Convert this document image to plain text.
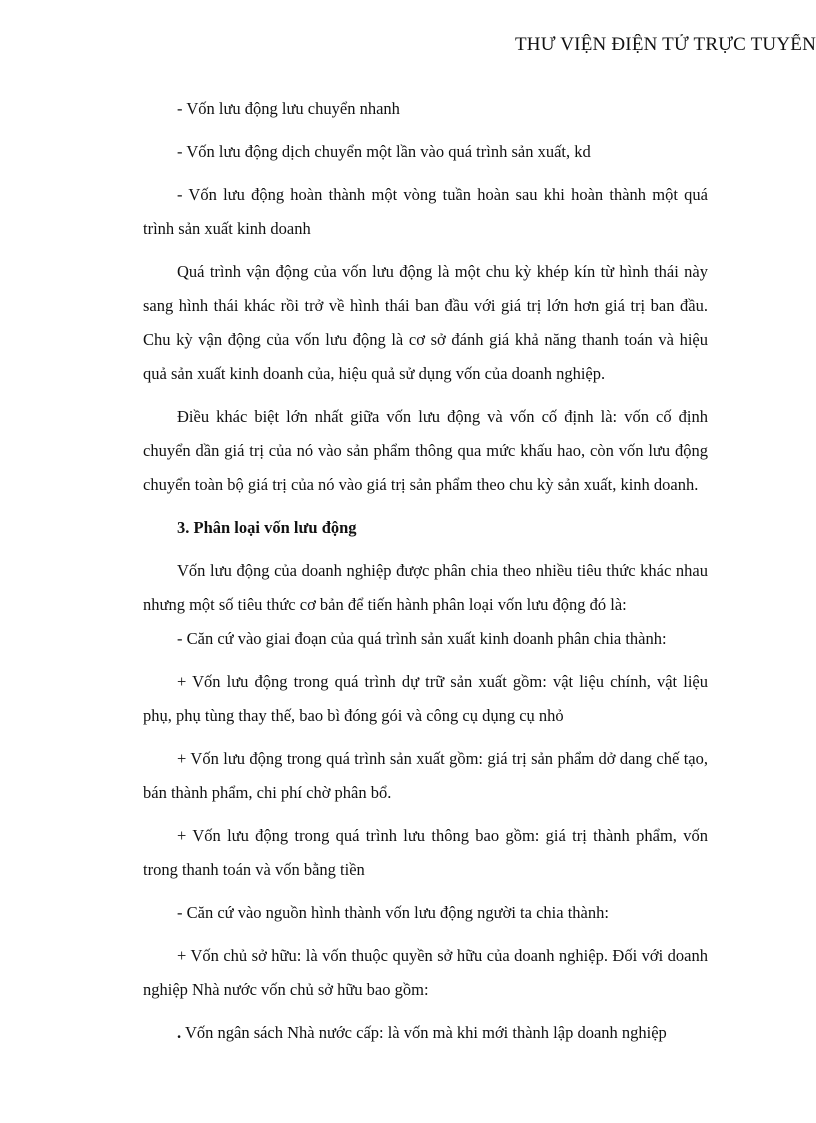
THƯ VIỆN ĐIỆN TỬ TRỰC TUYẾN

- Vốn lưu động lưu chuyển nhanh

- Vốn lưu động dịch chuyển một lần vào quá trình sản xuất, kd

- Vốn lưu động hoàn thành một vòng tuần hoàn sau khi hoàn thành một quá trình sản xuất kinh doanh

Quá trình vận động của vốn lưu động là một chu kỳ khép kín từ hình thái này sang hình thái khác rồi trở về hình thái ban đầu với giá trị lớn hơn giá trị ban đầu. Chu kỳ vận động của vốn lưu động là cơ sở đánh giá khả năng thanh toán và hiệu quả sản xuất kinh doanh của, hiệu quả sử dụng vốn của doanh nghiệp.

Điều khác biệt lớn nhất giữa vốn lưu động và vốn cố định là: vốn cố định chuyển dần giá trị của nó vào sản phẩm thông qua mức khấu hao, còn vốn lưu động chuyển toàn bộ giá trị của nó vào giá trị sản phẩm theo chu kỳ sản xuất, kinh doanh.

3. Phân loại vốn lưu động

Vốn lưu động của doanh nghiệp được phân chia theo nhiều tiêu thức khác nhau nhưng một số tiêu thức cơ bản để tiến hành phân loại vốn lưu động đó là:

- Căn cứ vào giai đoạn của quá trình sản xuất kinh doanh phân chia thành:

+ Vốn lưu động trong quá trình dự trữ sản xuất gồm: vật liệu chính, vật liệu phụ, phụ tùng thay thế, bao bì đóng gói và công cụ dụng cụ nhỏ

+ Vốn lưu động trong quá trình sản xuất gồm: giá trị sản phẩm dở dang chế tạo, bán thành phẩm, chi phí chờ phân bổ.

+ Vốn lưu động trong quá trình lưu thông bao gồm: giá trị thành phẩm, vốn trong thanh toán và vốn bằng tiền

- Căn cứ vào nguồn hình thành vốn lưu động người ta chia thành:

+ Vốn chủ sở hữu: là vốn thuộc quyền sở hữu của doanh nghiệp. Đối với doanh nghiệp Nhà nước vốn chủ sở hữu bao gồm:

. Vốn ngân sách Nhà nước cấp: là vốn mà khi mới thành lập doanh nghiệp
